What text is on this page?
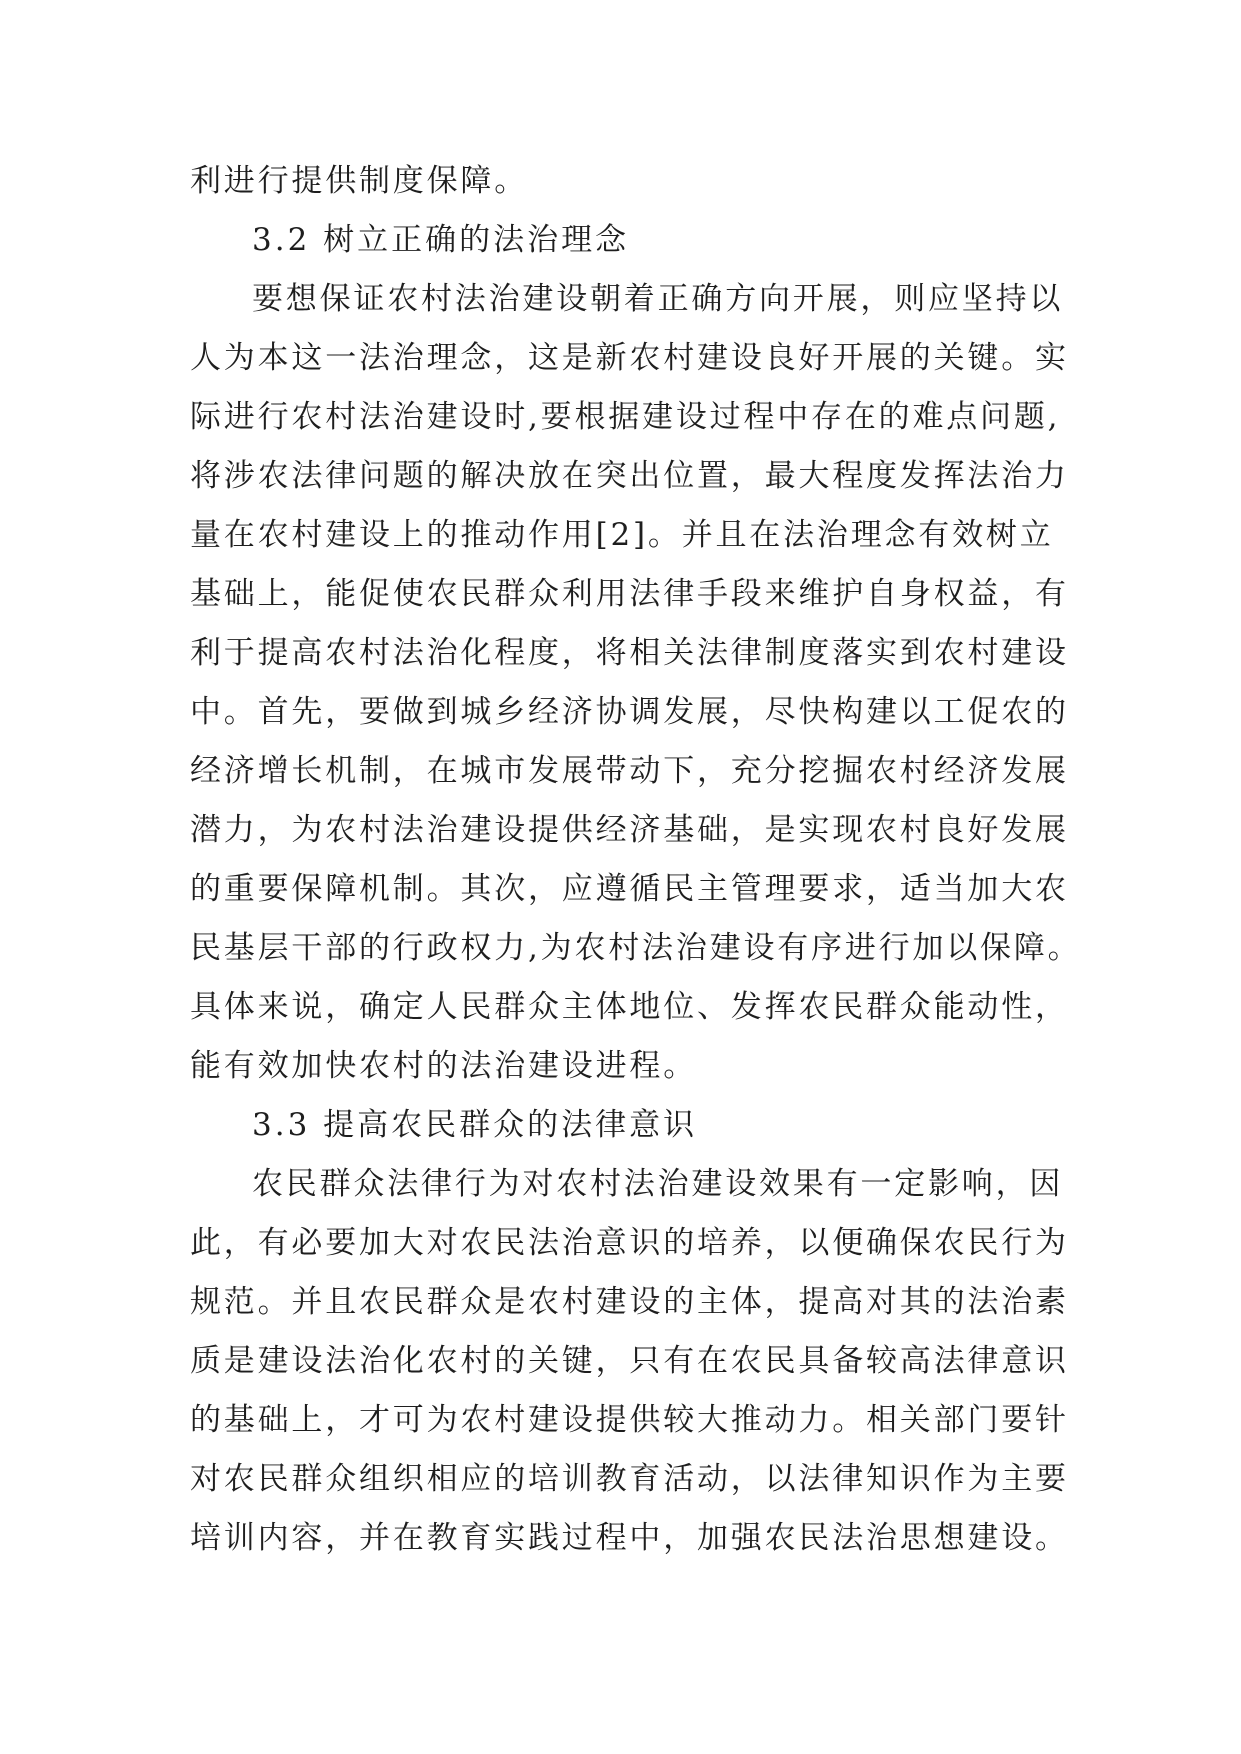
利进行提供制度保障。
3.2 树立正确的法治理念
要想保证农村法治建设朝着正确方向开展，则应坚持以
人为本这一法治理念，这是新农村建设良好开展的关键。实
际进行农村法治建设时,要根据建设过程中存在的难点问题,
将涉农法律问题的解决放在突出位置，最大程度发挥法治力
量在农村建设上的推动作用[2]。并且在法治理念有效树立
基础上，能促使农民群众利用法律手段来维护自身权益，有
利于提高农村法治化程度，将相关法律制度落实到农村建设
中。首先，要做到城乡经济协调发展，尽快构建以工促农的
经济增长机制，在城市发展带动下，充分挖掘农村经济发展
潜力，为农村法治建设提供经济基础，是实现农村良好发展
的重要保障机制。其次，应遵循民主管理要求，适当加大农
民基层干部的行政权力,为农村法治建设有序进行加以保障。
具体来说，确定人民群众主体地位、发挥农民群众能动性，
能有效加快农村的法治建设进程。
3.3 提高农民群众的法律意识
农民群众法律行为对农村法治建设效果有一定影响，因
此，有必要加大对农民法治意识的培养，以便确保农民行为
规范。并且农民群众是农村建设的主体，提高对其的法治素
质是建设法治化农村的关键，只有在农民具备较高法律意识
的基础上，才可为农村建设提供较大推动力。相关部门要针
对农民群众组织相应的培训教育活动，以法律知识作为主要
培训内容，并在教育实践过程中，加强农民法治思想建设。
